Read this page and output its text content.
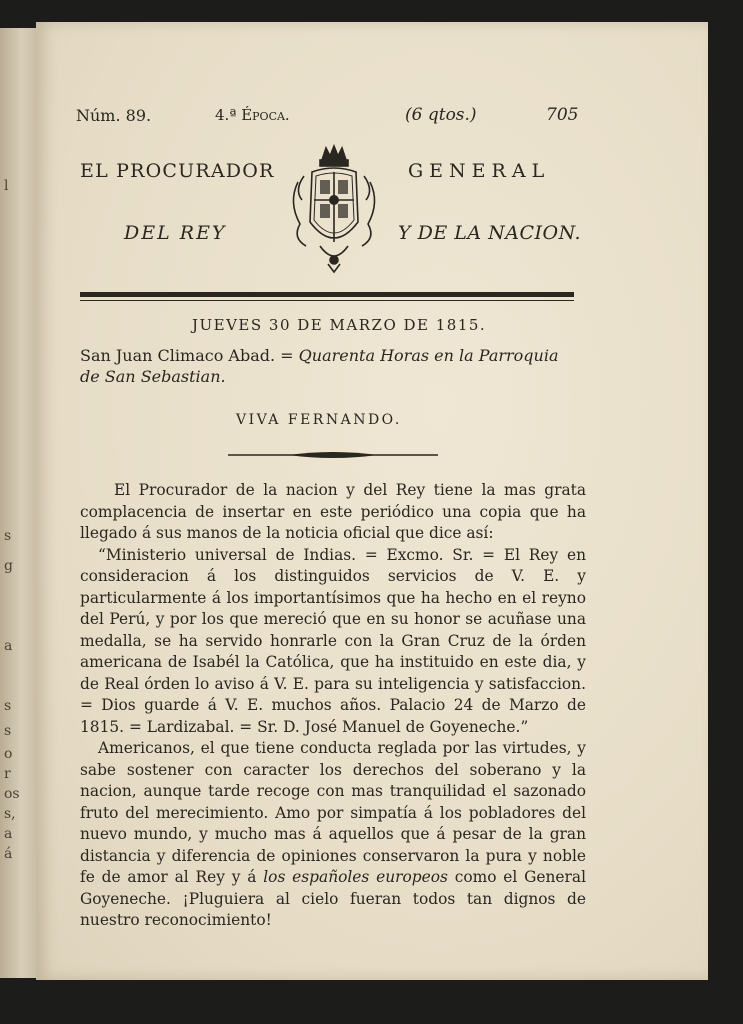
l
s
g
a
s
s
o
r
os
s,
a
á
Núm. 89.	4.ª Época.	(6 qtos.)	705
EL PROCURADOR	GENERAL
DEL REY	Y DE LA NACION.
JUEVES 30 DE MARZO DE 1815.
San Juan Climaco Abad. = Quarenta Horas en la Parroquia de San Sebastian.
VIVA FERNANDO.

El Procurador de la nacion y del Rey tiene la mas grata complacencia de insertar en este periódico una copia que ha llegado á sus manos de la noticia oficial que dice así:

“Ministerio universal de Indias. = Excmo. Sr. = El Rey en consideracion á los distinguidos servicios de V. E. y particularmente á los importantísimos que ha hecho en el reyno del Perú, y por los que mereció que en su honor se acuñase una medalla, se ha servido honrarle con la Gran Cruz de la órden americana de Isabél la Católica, que ha instituido en este dia, y de Real órden lo aviso á V. E. para su inteligencia y satisfaccion. = Dios guarde á V. E. muchos años. Palacio 24 de Marzo de 1815. = Lardizabal. = Sr. D. José Manuel de Goyeneche.”

Americanos, el que tiene conducta reglada por las virtudes, y sabe sostener con caracter los derechos del soberano y la nacion, aunque tarde recoge con mas tranquilidad el sazonado fruto del merecimiento. Amo por simpatía á los pobladores del nuevo mundo, y mucho mas á aquellos que á pesar de la gran distancia y diferencia de opiniones conservaron la pura y noble fe de amor al Rey y á los españoles europeos como el General Goyeneche. ¡Pluguiera al cielo fueran todos tan dignos de nuestro reconocimiento!
